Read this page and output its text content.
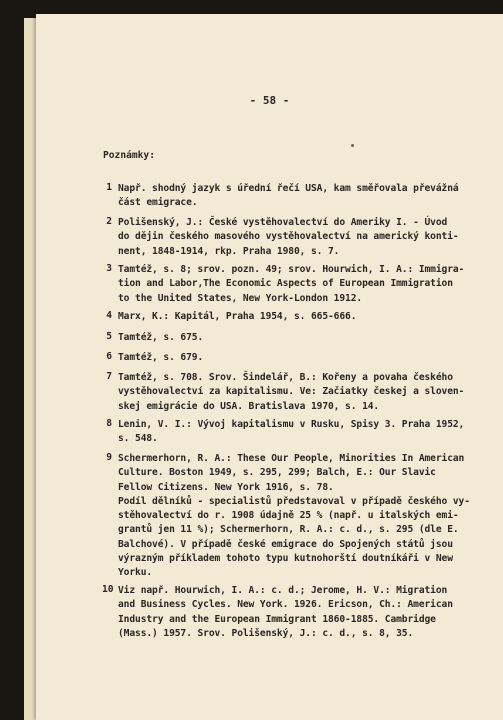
- 58 -
Poznámky:
1 Např. shodný jazyk s úřední řečí USA, kam směřovala převážná
část emigrace.
2 Polišenský, J.: České vystěhovalectví do Ameriky I. - Úvod
do dějin českého masového vystěhovalectví na americký konti-
nent, 1848-1914, rkp. Praha 1980, s. 7.
3 Tamtéž, s. 8; srov. pozn. 49; srov. Hourwich, I. A.: Immigra-
tion and Labor,The Economic Aspects of European Immigration
to the United States, New York-London 1912.
4 Marx, K.: Kapitál, Praha 1954, s. 665-666.
5 Tamtéž, s. 675.
6 Tamtéž, s. 679.
7 Tamtéž, s. 708. Srov. Šindelář, B.: Kořeny a povaha českého
vystěhovalectví za kapitalismu. Ve: Začiatky českej a sloven-
skej emigrácie do USA. Bratislava 1970, s. 14.
8 Lenin, V. I.: Vývoj kapitalismu v Rusku, Spisy 3. Praha 1952,
s. 548.
9 Schermerhorn, R. A.: These Our People, Minorities In American
Culture. Boston 1949, s. 295, 299; Balch, E.: Our Slavic
Fellow Citizens. New York 1916, s. 78.
Podíl dělníků - specialistů představoval v případě českého vy-
stěhovalectví do r. 1908 údajně 25 % (např. u italských emi-
grantů jen 11 %); Schermerhorn, R. A.: c. d., s. 295 (dle E.
Balchové). V případě české emigrace do Spojených států jsou
výrazným příkladem tohoto typu kutnohorští doutníkáři v New
Yorku.
10 Viz např. Hourwich, I. A.: c. d.; Jerome, H. V.: Migration
and Business Cycles. New York. 1926. Ericson, Ch.: American
Industry and the European Immigrant 1860-1885. Cambridge
(Mass.) 1957. Srov. Polišenský, J.: c. d., s. 8, 35.
